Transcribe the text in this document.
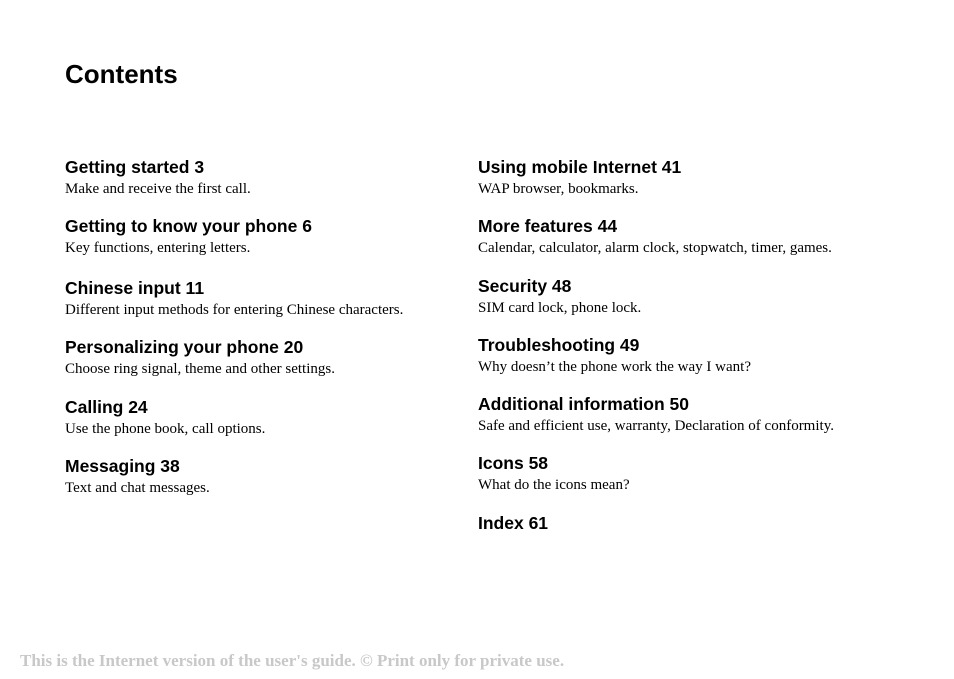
Contents
Getting started 3
Make and receive the first call.
Getting to know your phone 6
Key functions, entering letters.
Chinese input 11
Different input methods for entering Chinese characters.
Personalizing your phone 20
Choose ring signal, theme and other settings.
Calling 24
Use the phone book, call options.
Messaging 38
Text and chat messages.
Using mobile Internet 41
WAP browser, bookmarks.
More features 44
Calendar, calculator, alarm clock, stopwatch, timer, games.
Security 48
SIM card lock, phone lock.
Troubleshooting 49
Why doesn’t the phone work the way I want?
Additional information 50
Safe and efficient use, warranty, Declaration of conformity.
Icons 58
What do the icons mean?
Index 61
This is the Internet version of the user's guide. © Print only for private use.
